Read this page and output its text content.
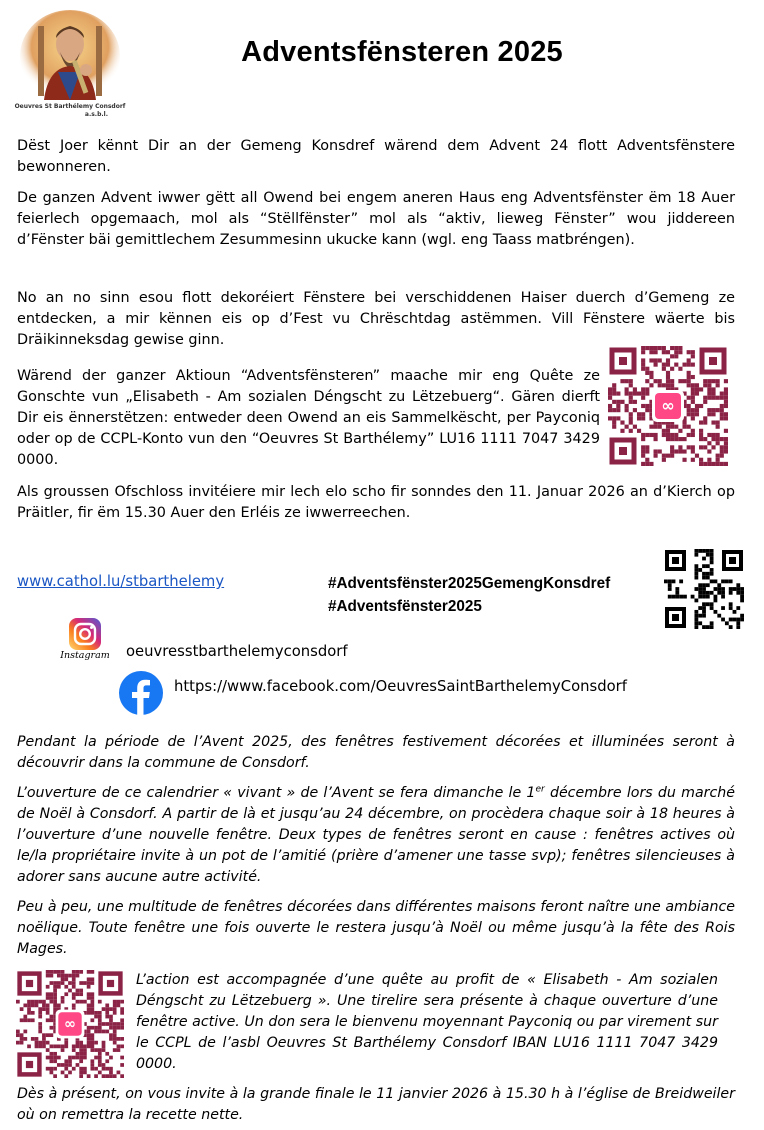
Oeuvres St Barthélemy Consdorf
a.s.b.l.
Adventsfënsteren 2025

Dëst Joer kënnt Dir an der Gemeng Konsdref wärend dem Advent 24 flott Adventsfënstere bewonneren.

De ganzen Advent iwwer gëtt all Owend bei engem aneren Haus eng Adventsfënster ëm 18 Auer feierlech opgemaach, mol als “Stëllfënster” mol als “aktiv, lieweg Fënster” wou jiddereen d’Fënster bäi gemittlechem Zesummesinn ukucke kann (wgl. eng Taass matbréngen).

No an no sinn esou flott dekoréiert Fënstere bei verschiddenen Haiser duerch d’Gemeng ze entdecken, a mir kënnen eis op d’Fest vu Chrëschtdag astëmmen. Vill Fënstere wäerte bis Dräikinneksdag gewise ginn.

Wärend der ganzer Aktioun “Adventsfënsteren” maache mir eng Quête ze Gonschte vun „Elisabeth - Am sozialen Déngscht zu Lëtzebuerg“. Gären dierft Dir eis ënnerstëtzen: entweder deen Owend an eis Sammelkëscht, per Payconiq oder op de CCPL-Konto vun den “Oeuvres St Barthélemy” LU16 1111 7047 3429 0000.

∞

Als groussen Ofschloss invitéiere mir lech elo scho fir sonndes den 11. Januar 2026 an d’Kierch op Präitler, fir ëm 15.30 Auer den Erléis ze iwwerreechen.

www.cathol.lu/stbarthelemy	#Adventsfënster2025GemengKonsdref
#Adventsfënster2025
Instagram oeuvresstbarthelemyconsdorf
https://www.facebook.com/OeuvresSaintBarthelemyConsdorf
Pendant la période de l’Avent 2025, des fenêtres festivement décorées et illuminées seront à découvrir dans la commune de Consdorf.
L’ouverture de ce calendrier « vivant » de l’Avent se fera dimanche le 1er décembre lors du marché de Noël à Consdorf. A partir de là et jusqu’au 24 décembre, on procèdera chaque soir à 18 heures à l’ouverture d’une nouvelle fenêtre. Deux types de fenêtres seront en cause : fenêtres actives où le/la propriétaire invite à un pot de l’amitié (prière d’amener une tasse svp); fenêtres silencieuses à adorer sans aucune autre activité.
Peu à peu, une multitude de fenêtres décorées dans différentes maisons feront naître une ambiance noëlique. Toute fenêtre une fois ouverte le restera jusqu’à Noël ou même jusqu’à la fête des Rois Mages.
∞
L’action est accompagnée d’une quête au profit de « Elisabeth - Am sozialen Déngscht zu Lëtzebuerg ». Une tirelire sera présente à chaque ouverture d’une fenêtre active. Un don sera le bienvenu moyennant Payconiq ou par virement sur le CCPL de l’asbl Oeuvres St Barthélemy Consdorf IBAN LU16 1111 7047 3429 0000.
Dès à présent, on vous invite à la grande finale le 11 janvier 2026 à 15.30 h à l’église de Breidweiler où on remettra la recette nette.
